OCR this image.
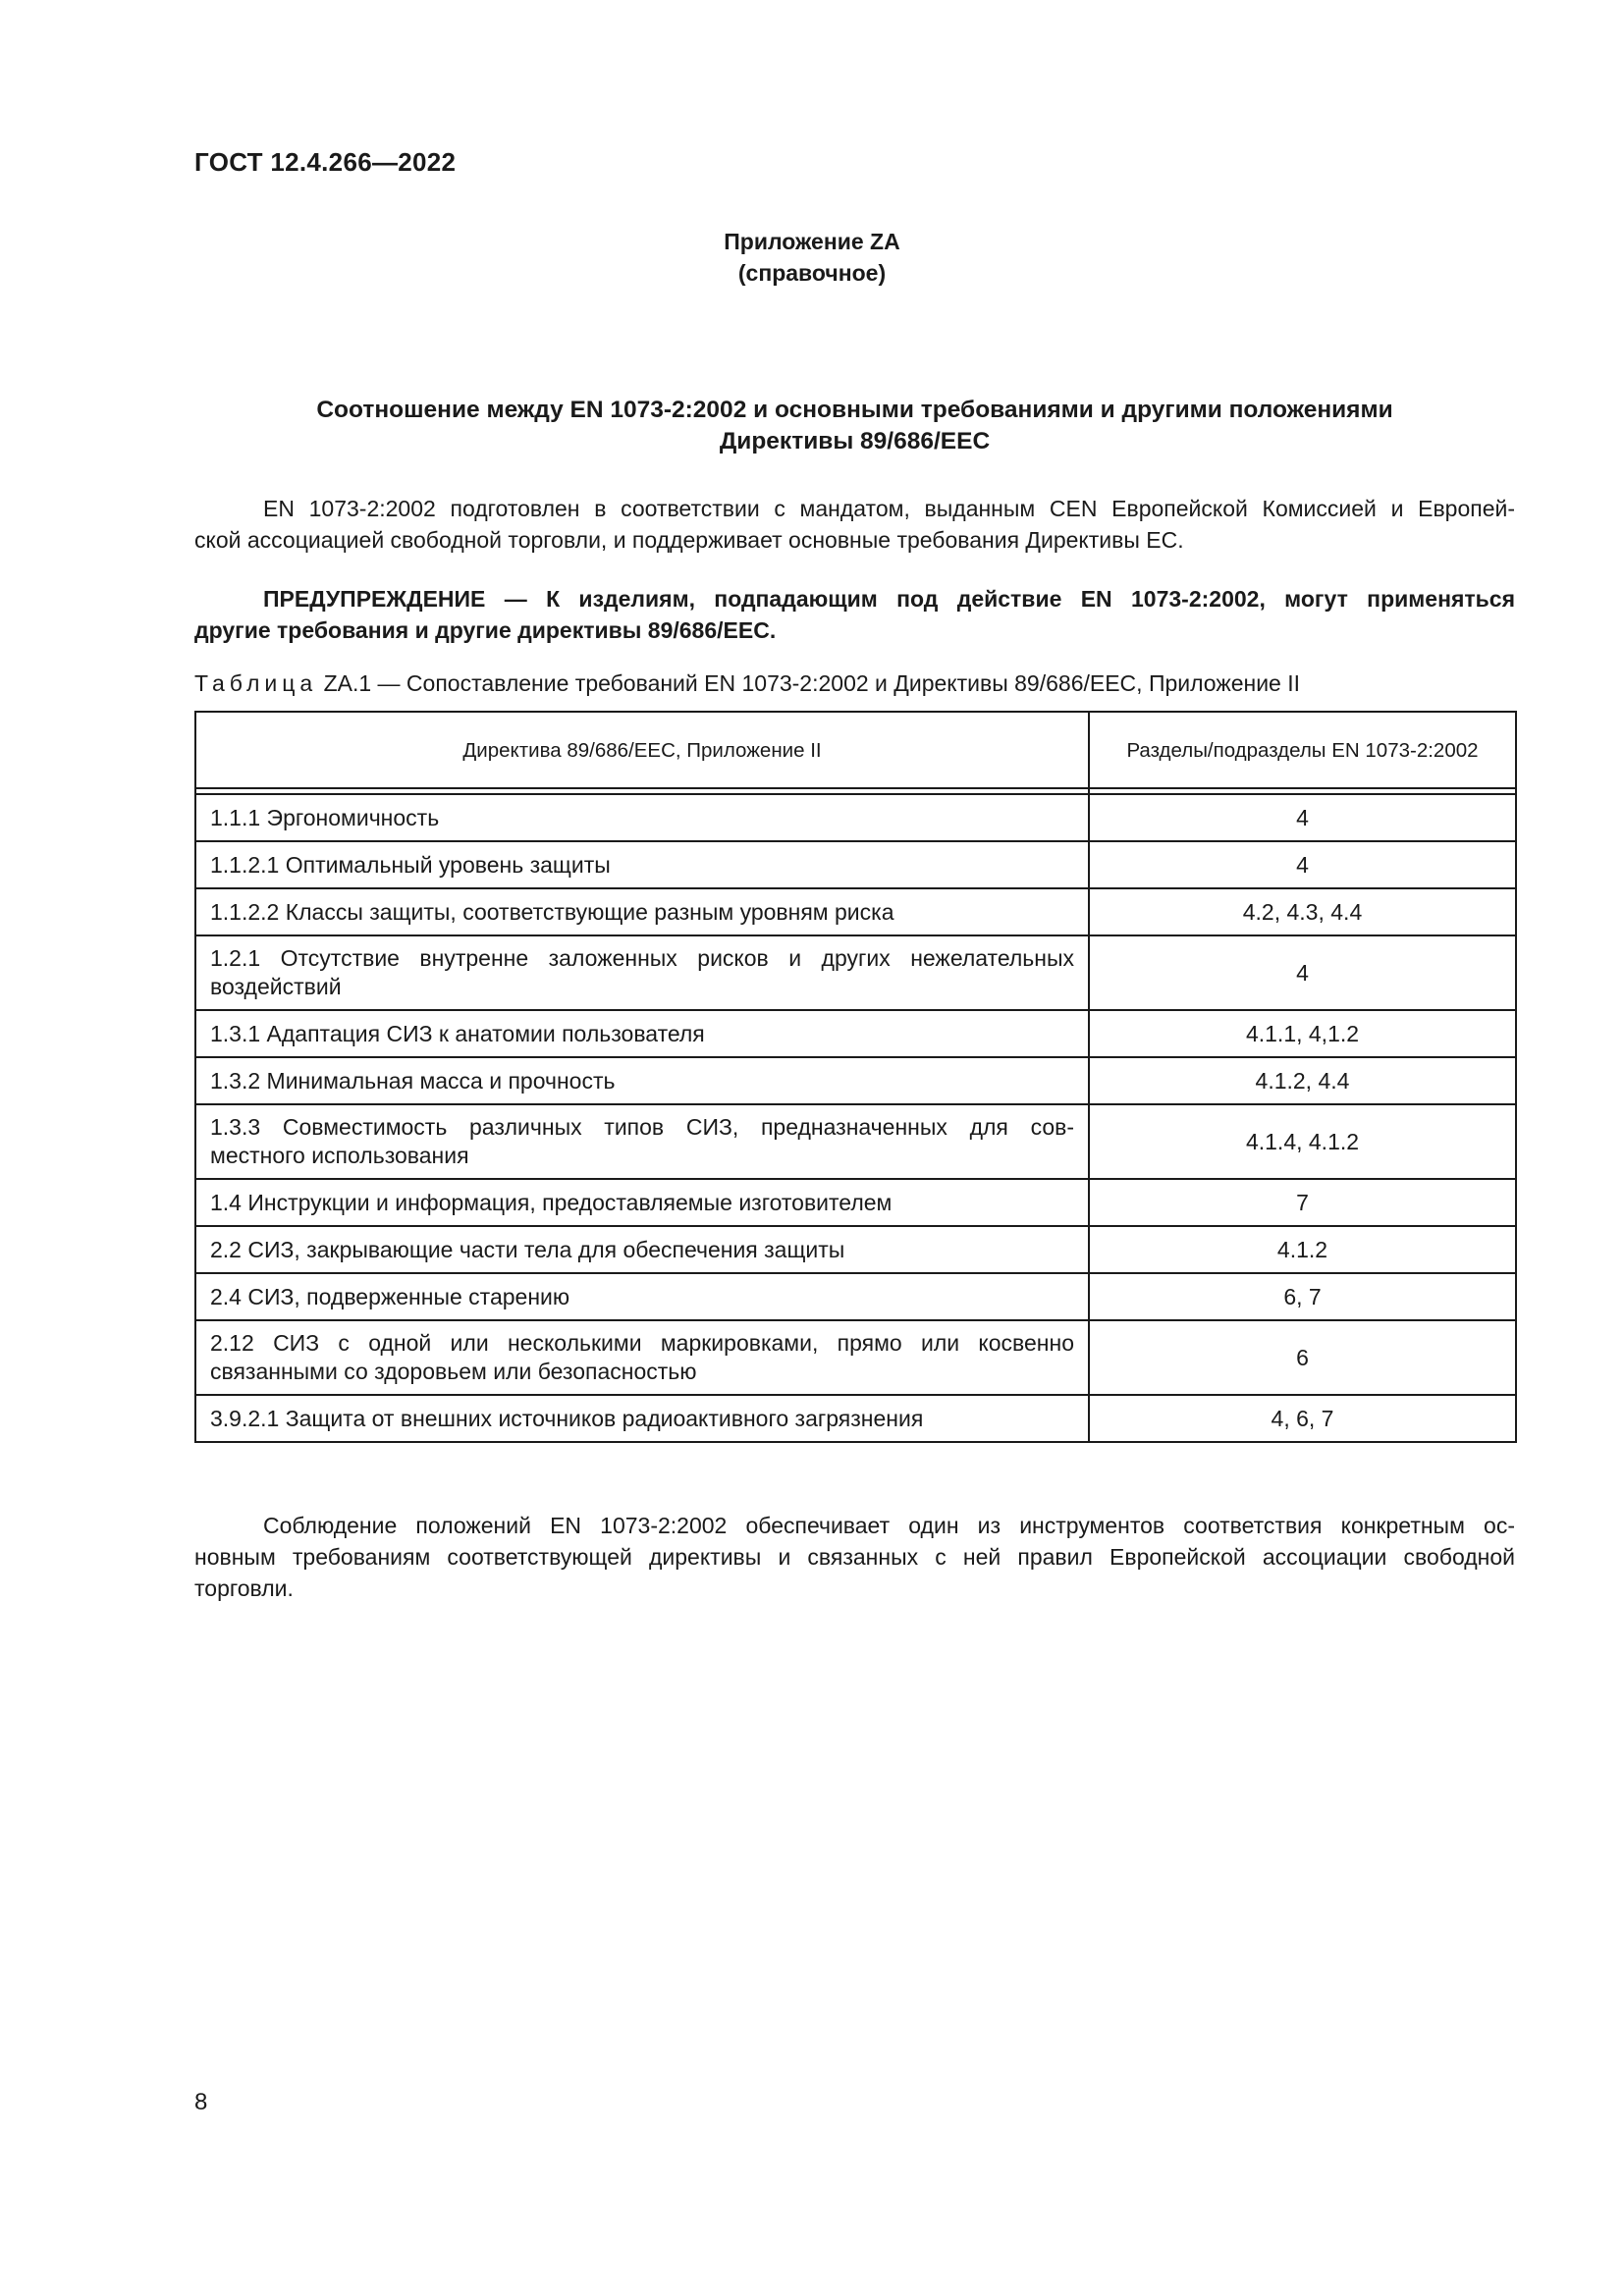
ГОСТ 12.4.266—2022
Приложение ZA
(справочное)
Соотношение между EN 1073-2:2002 и основными требованиями и другими положениями
Директивы 89/686/EEC
EN 1073-2:2002 подготовлен в соответствии с мандатом, выданным CEN Европейской Комиссией и Европей-
ской ассоциацией свободной торговли, и поддерживает основные требования Директивы ЕС.
ПРЕДУПРЕЖДЕНИЕ — К изделиям, подпадающим под действие EN 1073-2:2002, могут применяться
другие требования и другие директивы 89/686/EEC.
Таблица ZA.1 — Сопоставление требований EN 1073-2:2002 и Директивы 89/686/EEC, Приложение II
Директива 89/686/EEC, Приложение II	Разделы/подразделы EN 1073-2:2002

1.1.1 Эргономичность	4
1.1.2.1 Оптимальный уровень защиты	4
1.1.2.2 Классы защиты, соответствующие разным уровням риска	4.2, 4.3, 4.4

1.2.1 Отсутствие внутренне заложенных рисков и других нежелательных
воздействий	4
1.3.1 Адаптация СИЗ к анатомии пользователя	4.1.1, 4,1.2
1.3.2 Минимальная масса и прочность	4.1.2, 4.4

1.3.3 Совместимость различных типов СИЗ, предназначенных для сов-
местного использования	4.1.4, 4.1.2
1.4 Инструкции и информация, предоставляемые изготовителем	7
2.2 СИЗ, закрывающие части тела для обеспечения защиты	4.1.2
2.4 СИЗ, подверженные старению	6, 7

2.12 СИЗ с одной или несколькими маркировками, прямо или косвенно
связанными со здоровьем или безопасностью	6
3.9.2.1 Защита от внешних источников радиоактивного загрязнения	4, 6, 7
Соблюдение положений EN 1073-2:2002 обеспечивает один из инструментов соответствия конкретным ос-
новным требованиям соответствующей директивы и связанных с ней правил Европейской ассоциации свободной
торговли.
8
